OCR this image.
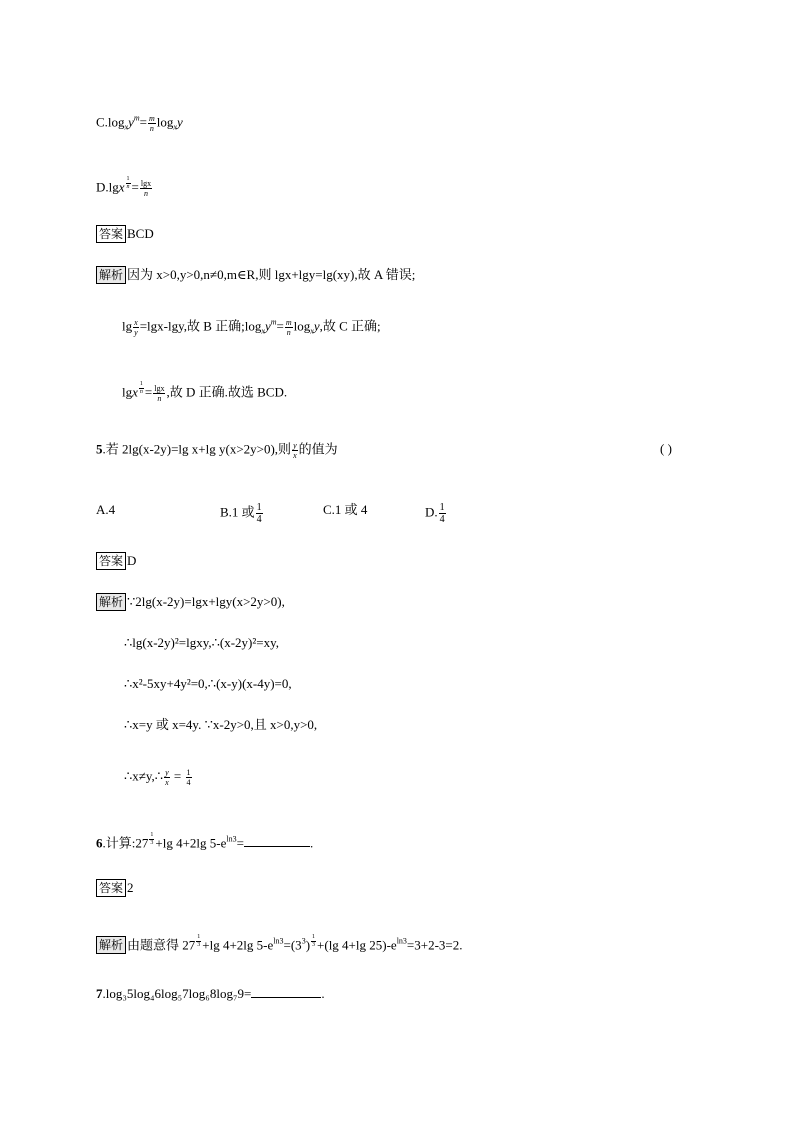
$C.\log_xy^m= \frac{m}{n} \log_xy$
D.lgx $^{\frac{1}{n}} = \frac{\lg x}{n}$
答案 BCD
解析 因为 x>0,y>0,n≠0,m∈R,则 lgx+lgy=lg(xy),故 A 错误;
$\lg \frac{x}{y} =\lg x-\lg y$,故 B 正确$;\log_xy^m= \frac{m}{n} \log_xy$,故 C 正确;
lgx $^{\frac{1}{n}} = \frac{\lg x}{n}$ ,故 D 正确.故选 BCD.
5.若 2lg(x-2y)=lg x+lg y(x>2y>0),则 $\frac{y}{x}$ 的值为	( )
A.4	B.1 或 $\frac{1}{4}$	C.1 或 4	D. $\frac{1}{4}$
答案 D
解析 ∵2lg(x-2y)=lgx+lgy(x>2y>0),
∴lg(x-2y)²=lgxy,∴(x-2y)²=xy,
∴x²-5xy+4y²=0,∴(x-y)(x-4y)=0,
∴x=y 或 x=4y. ∵x-2y>0,且 x>0,y>0,
∴x≠y,∴ $\frac{y}{x} = \frac{1}{4}$
6.计算:27 $^{\frac{1}{3}}$ +lg 4+2lg $5-e^{ln3}=$	.
答案 2
解析 由题意得 27 $^{\frac{1}{3}}$ +lg 4+2lg $5-e^{ln3}=(3^3)$ $^{\frac{1}{3}}$ +(lg 4+lg $25)-e^{ln3}=3+2-3=2$.
7.log₃5log₄6log₅7log₆8log₇9=	.
